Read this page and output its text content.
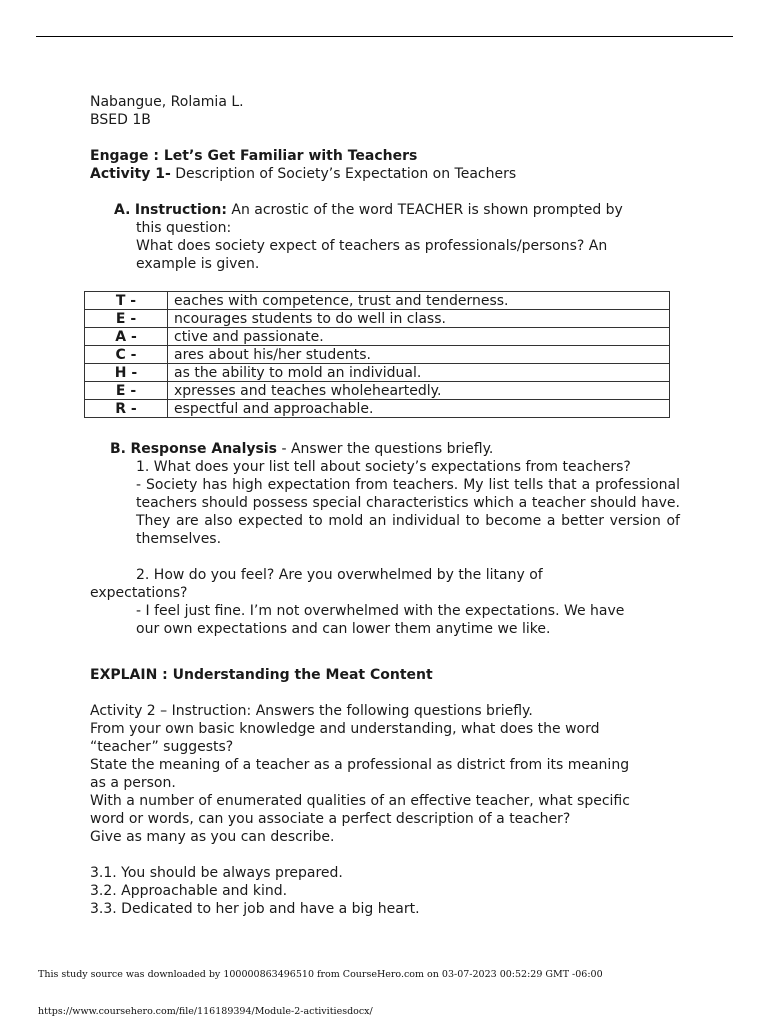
Nabangue, Rolamia L.
BSED 1B
Engage : Let’s Get Familiar with Teachers
Activity 1- Description of Society’s Expectation on Teachers
A. Instruction: An acrostic of the word TEACHER is shown prompted by
this question:
What does society expect of teachers as professionals/persons? An
example is given.
T -	eaches with competence, trust and tenderness.
E -	ncourages students to do well in class.
A -	ctive and passionate.
C -	ares about his/her students.
H -	as the ability to mold an individual.
E -	xpresses and teaches wholeheartedly.
R -	espectful and approachable.
B. Response Analysis - Answer the questions briefly.
1. What does your list tell about society’s expectations from teachers?
- Society has high expectation from teachers. My list tells that a professional teachers should possess special characteristics which a teacher should have. They are also expected to mold an individual to become a better version of themselves.
2. How do you feel? Are you overwhelmed by the litany of
expectations?
- I feel just fine. I’m not overwhelmed with the expectations. We have
our own expectations and can lower them anytime we like.
EXPLAIN : Understanding the Meat Content
Activity 2 – Instruction: Answers the following questions briefly.
From your own basic knowledge and understanding, what does the word
“teacher” suggests?
State the meaning of a teacher as a professional as district from its meaning
as a person.
With a number of enumerated qualities of an effective teacher, what specific
word or words, can you associate a perfect description of a teacher?
Give as many as you can describe.
3.1. You should be always prepared.
3.2. Approachable and kind.
3.3. Dedicated to her job and have a big heart.
This study source was downloaded by 100000863496510 from CourseHero.com on 03-07-2023 00:52:29 GMT -06:00
https://www.coursehero.com/file/116189394/Module-2-activitiesdocx/
